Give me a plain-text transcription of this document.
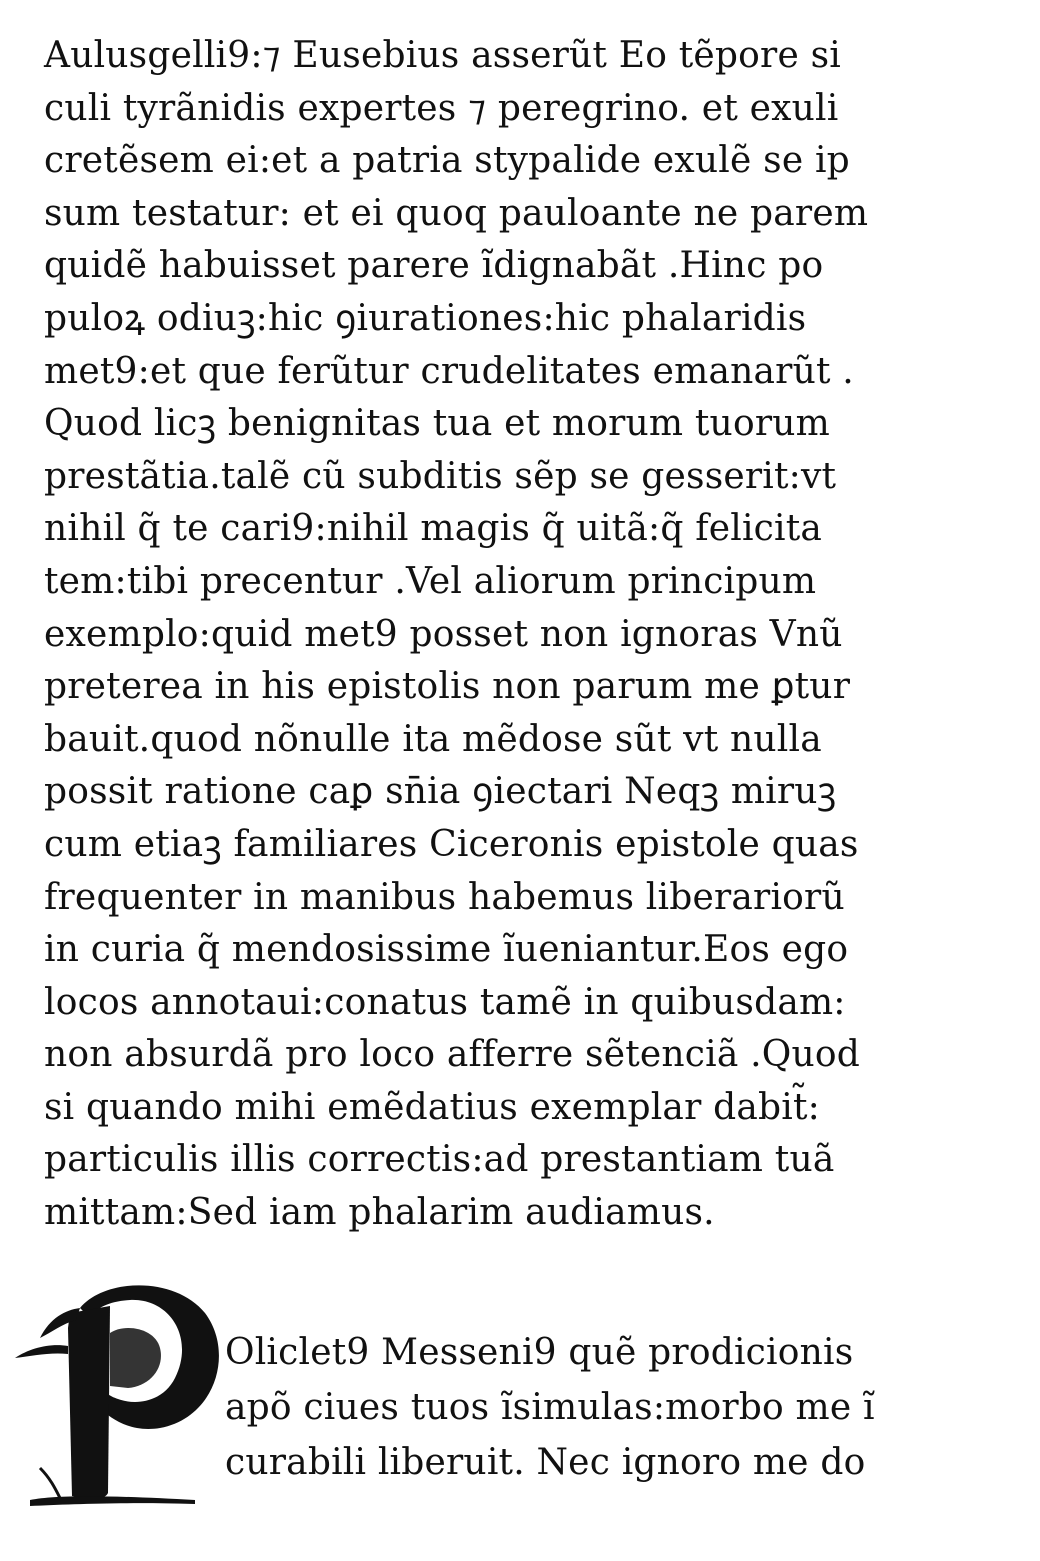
Aulusgelli9:⁊ Eusebius asserũt Eo tẽpore si
culi tyrãnidis expertes ⁊ peregrino. et exuli
cretẽsem ei:et a patria stypalide exulẽ se ip
sum testatur: et ei quoq pauloante ne parem
quidẽ habuisset parere ĩdignabãt .Hinc po
puloꝝ odiuꝫ:hic ꝯiurationes:hic phalaridis
met9:et que ferũtur crudelitates emanarũt .
Quod licꝫ benignitas tua et morum tuorum
prestãtia.talẽ cũ subditis sẽp se gesserit:vt
nihil q̃ te cari9:nihil magis q̃ uitã:q̃ felicita
tem:tibi precentur .Vel aliorum principum
exemplo:quid met9 posset non ignoras Vnũ
preterea in his epistolis non parum me ꝑtur
bauit.quod nõnulle ita mẽdose sũt vt nulla
possit ratione caꝑ sn̄ia ꝯiectari Neqꝫ miruꝫ
cum etiaꝫ familiares Ciceronis epistole quas
frequenter in manibus habemus liberariorũ
in curia q̃ mendosissime ĩueniantur.Eos ego
locos annotaui:conatus tamẽ in quibusdam:
non absurdã pro loco afferre sẽtenciã .Quod
si quando mihi emẽdatius exemplar dabit̃:
particulis illis correctis:ad prestantiam tuã
mittam:Sed iam phalarim audiamus.
Oliclet9 Messeni9 quẽ prodicionis
apõ ciues tuos ĩsimulas:morbo me ĩ
curabili liberuit. Nec ignoro me do
